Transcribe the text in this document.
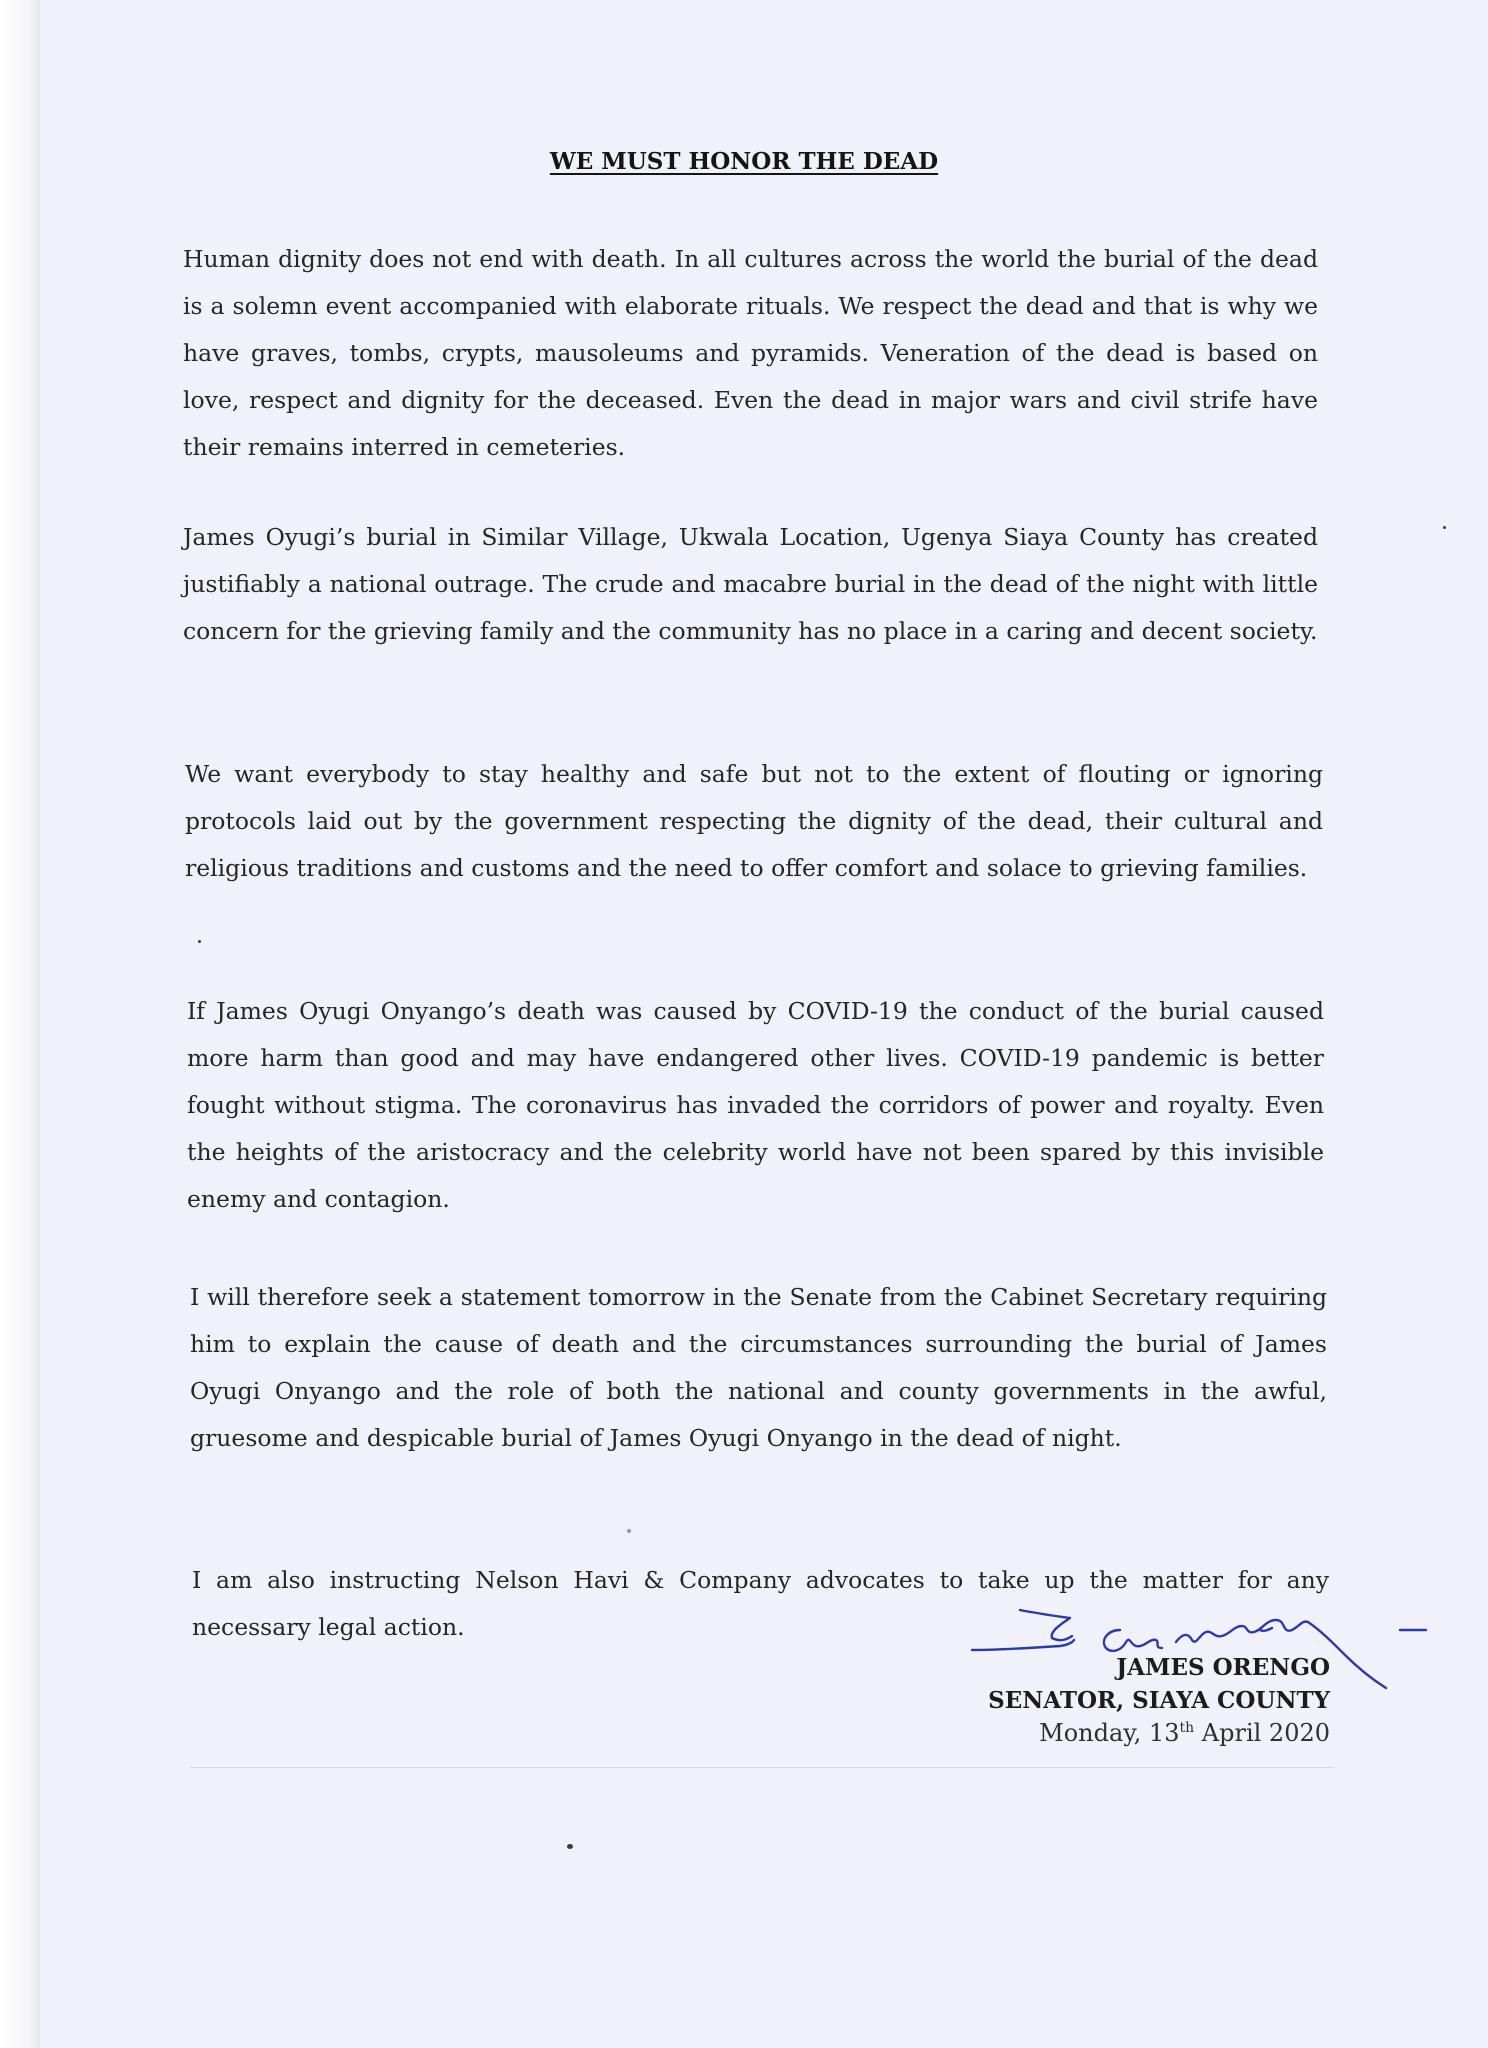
WE MUST HONOR THE DEAD

Human dignity does not end with death. In all cultures across the world the burial of the dead is a solemn event accompanied with elaborate rituals. We respect the dead and that is why we have graves, tombs, crypts, mausoleums and pyramids. Veneration of the dead is based on love, respect and dignity for the deceased. Even the dead in major wars and civil strife have their remains interred in cemeteries.

James Oyugi’s burial in Similar Village, Ukwala Location, Ugenya Siaya County has created justifiably a national outrage. The crude and macabre burial in the dead of the night with little concern for the grieving family and the community has no place in a caring and decent society.

We want everybody to stay healthy and safe but not to the extent of flouting or ignoring protocols laid out by the government respecting the dignity of the dead, their cultural and religious traditions and customs and the need to offer comfort and solace to grieving families.

If James Oyugi Onyango’s death was caused by COVID-19 the conduct of the burial caused more harm than good and may have endangered other lives. COVID-19 pandemic is better fought without stigma. The coronavirus has invaded the corridors of power and royalty. Even the heights of the aristocracy and the celebrity world have not been spared by this invisible enemy and contagion.

I will therefore seek a statement tomorrow in the Senate from the Cabinet Secretary requiring him to explain the cause of death and the circumstances surrounding the burial of James Oyugi Onyango and the role of both the national and county governments in the awful, gruesome and despicable burial of James Oyugi Onyango in the dead of night.

I am also instructing Nelson Havi & Company advocates to take up the matter for any necessary legal action.

JAMES ORENGO
SENATOR, SIAYA COUNTY
Monday, 13th April 2020
